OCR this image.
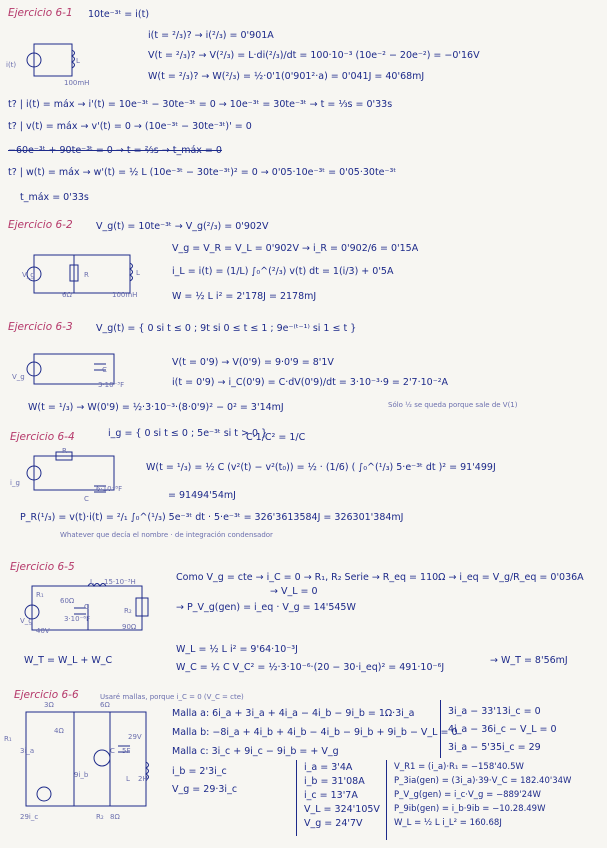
Ejercicio 6-1 10te⁻³ᵗ = i(t)
i(t = ²/₃)? → i(²/₃) = 0'901A
V(t = ²/₃)? → V(²/₃) = L·di(²/₃)/dt = 100·10⁻³ (10e⁻² − 20e⁻²) = −0'16V
W(t = ²/₃)? → W(²/₃) = ½·0'1(0'901²·a) = 0'041J = 40'68mJ
i(t)	L
100mH
t? | i(t) = máx → i'(t) = 10e⁻³ᵗ − 30te⁻³ᵗ = 0 → 10e⁻³ᵗ = 30te⁻³ᵗ → t = ⅓s = 0'33s
t? | v(t) = máx → v'(t) = 0 → (10e⁻³ᵗ − 30te⁻³ᵗ)' = 0
−60e⁻³ᵗ + 90te⁻³ᵗ = 0 → t = ⅔s → t_máx = 0
t? | w(t) = máx → w'(t) = ½ L (10e⁻³ᵗ − 30te⁻³ᵗ)² = 0 → 0'05·10e⁻³ᵗ = 0'05·30te⁻³ᵗ
t_máx = 0'33s
Ejercicio 6-2 V_g(t) = 10te⁻³ᵗ → V_g(²/₃) = 0'902V
V_g = V_R = V_L = 0'902V → i_R = 0'902/6 = 0'15A
i_L = i(t) = (1/L) ∫₀^(²/₃) v(t) dt = 1(i/3) + 0'5A
W = ½ L i² = 2'178J = 2178mJ
V_g	R
6Ω
L
100mH
Ejercicio 6-3 V_g(t) = { 0 si t ≤ 0 ; 9t si 0 ≤ t ≤ 1 ; 9e⁻⁽ᵗ⁻¹⁾ si 1 ≤ t }
V(t = 0'9) → V(0'9) = 9·0'9 = 8'1V
i(t = 0'9) → i_C(0'9) = C·dV(0'9)/dt = 3·10⁻³·9 = 2'7·10⁻²A
V_g
C
3·10⁻³F
W(t = ¹/₃) → W(0'9) = ½·3·10⁻³·(8·0'9)² − 0² = 3'14mJ	Sólo ½ se queda porque sale de V(1)
Ejercicio 6-4	i_g = { 0 si t ≤ 0 ; 5e⁻³ᵗ si t > 0 }
C·1/C² = 1/C
W(t = ¹/₃) = ½ C (v²(t) − v²(t₀)) = ½ · (1/6) ( ∫₀^(¹/₃) 5·e⁻³ᵗ dt )² = 91'499J
= 91494'54mJ
i_g
R
C
6·10⁻⁸F
P_R(¹/₃) = v(t)·i(t) = ²/₁ ∫₀^(¹/₃) 5e⁻³ᵗ dt · 5·e⁻³ᵗ = 326'3613584J = 326301'384mJ
Whatever que decía el nombre · de integración condensador
Ejercicio 6-5
Como V_g = cte → i_C = 0 → R₁, R₂ Serie → R_eq = 110Ω → i_eq = V_g/R_eq = 0'036A
→ V_L = 0
→ P_V_g(gen) = i_eq · V_g = 14'545W
L 15·10⁻³H
R₁
60Ω
C
3·10⁻⁶F
R₂
90Ω
V_g
40V
W_T = W_L + W_C
W_L = ½ L i² = 9'64·10⁻³J
W_C = ½ C V_C² = ½·3·10⁻⁶·(20 − 30·i_eq)² = 491·10⁻⁶J
→ W_T = 8'56mJ
Ejercicio 6-6	Usaré mallas, porque i_C = 0 (V_C = cte)
3Ω	6Ω
R₁
4Ω
3i_a
29V
C 5F
9i_b	L 2H
29i_c	R₂ 8Ω
Malla a: 6i_a + 3i_a + 4i_a − 4i_b − 9i_b = 1Ω·3i_a
Malla b: −8i_a + 4i_b + 4i_b − 4i_b − 9i_b + 9i_b − V_L = 0
Malla c: 3i_c + 9i_c − 9i_b = + V_g
i_b = 2'3i_c
V_g = 29·3i_c
3i_a − 33'13i_c = 0
4i_a − 36i_c − V_L = 0
3i_a − 5'35i_c = 29
i_a = 3'4A
i_b = 31'08A
i_c = 13'7A
V_L = 324'105V
V_g = 24'7V
V_R1 = (i_a)·R₁ = −158'40.5W
P_3ia(gen) = (3i_a)·39·V_C = 182.40'34W
P_V_g(gen) = i_c·V_g = −889'24W
P_9ib(gen) = i_b·9ib = −10.28.49W
W_L = ½ L i_L² = 160.68J
